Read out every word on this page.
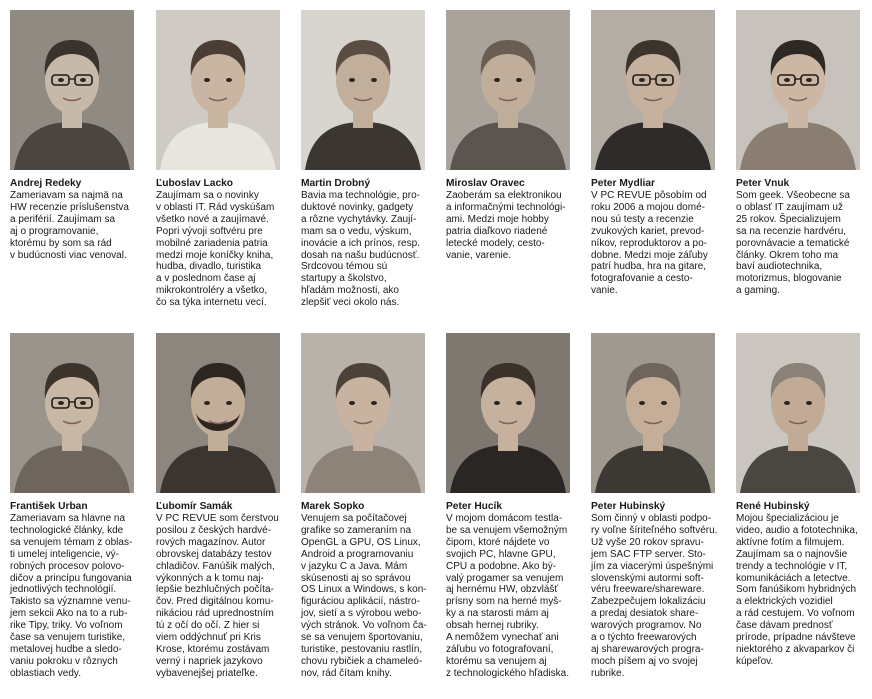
Andrej Redeky

Zameriavam sa najmä na
HW recenzie príslušenstva
a periférií. Zaujímam sa
aj o programovanie,
ktorému by som sa rád
v budúcnosti viac venoval.

Ľuboslav Lacko

Zaujímam sa o novinky
v oblasti IT. Rád vyskúšam
všetko nové a zaujímavé.
Popri vývoji softvéru pre
mobilné zariadenia patria
medzi moje koníčky kniha,
hudba, divadlo, turistika
a v poslednom čase aj
mikrokontroléry a všetko,
čo sa týka internetu vecí.

Martin Drobný

Bavia ma technológie, pro-
duktové novinky, gadgety
a rôzne vychytávky. Zaují-
mam sa o vedu, výskum,
inovácie a ich prínos, resp.
dosah na našu budúcnosť.
Srdcovou témou sú
startupy a školstvo,
hľadám možnosti, ako
zlepšiť veci okolo nás.

Miroslav Oravec

Zaoberám sa elektronikou
a informačnými technológi-
ami. Medzi moje hobby
patria diaľkovo riadené
letecké modely, cesto-
vanie, varenie.

Peter Mydliar

V PC REVUE pôsobím od
roku 2006 a mojou domé-
nou sú testy a recenzie
zvukových kariet, prevod-
níkov, reproduktorov a po-
dobne. Medzi moje záľuby
patrí hudba, hra na gitare,
fotografovanie a cesto-
vanie.

Peter Vnuk

Som geek. Všeobecne sa
o oblasť IT zaujímam už
25 rokov. Špecializujem
sa na recenzie hardvéru,
porovnávacie a tematické
články. Okrem toho ma
baví audiotechnika,
motorizmus, blogovanie
a gaming.

František Urban

Zameriavam sa hlavne na
technologické články, kde
sa venujem témam z oblas-
ti umelej inteligencie, vý-
robných procesov polovo-
dičov a princípu fungovania
jednotlivých technológií.
Takisto sa významne venu-
jem sekcii Ako na to a rub-
rike Tipy, triky. Vo voľnom
čase sa venujem turistike,
metalovej hudbe a sledo-
vaniu pokroku v rôznych
oblastiach vedy.

Ľubomír Samák

V PC REVUE som čerstvou
posilou z českých hardvé-
rových magazínov. Autor
obrovskej databázy testov
chladičov. Fanúšik malých,
výkonných a k tomu naj-
lepšie bezhlučných počíta-
čov. Pred digitálnou komu-
nikáciou rád uprednostním
tú z očí do očí. Z hier si
viem oddýchnuť pri Kris
Krose, ktorému zostávam
verný i napriek jazykovo
vybavenejšej priateľke.

Marek Sopko

Venujem sa počítačovej
grafike so zameraním na
OpenGL a GPU, OS Linux,
Android a programovaniu
v jazyku C a Java. Mám
skúsenosti aj so správou
OS Linux a Windows, s kon-
figuráciou aplikácií, nástro-
jov, sietí a s výrobou webo-
vých stránok. Vo voľnom ča-
se sa venujem športovaniu,
turistike, pestovaniu rastlín,
chovu rybičiek a chameleó-
nov, rád čítam knihy.

Peter Hucík

V mojom domácom testla-
be sa venujem všemožným
čipom, ktoré nájdete vo
svojich PC, hlavne GPU,
CPU a podobne. Ako bý-
valý progamer sa venujem
aj hernému HW, obzvlášť
prísny som na herné myš-
ky a na starosti mám aj
obsah hernej rubriky.
A nemôžem vynechať ani
záľubu vo fotografovaní,
ktorému sa venujem aj
z technologického hľadiska.

Peter Hubinský

Som činný v oblasti podpo-
ry voľne šíriteľného softvéru.
Už vyše 20 rokov spravu-
jem SAC FTP server. Sto-
jím za viacerými úspešnými
slovenskými autormi soft-
véru freeware/shareware.
Zabezpečujem lokalizáciu
a predaj desiatok share-
warových programov. No
a o týchto freewarových
aj sharewarových progra-
moch píšem aj vo svojej
rubrike.

René Hubinský

Mojou špecializáciou je
video, audio a fototechnika,
aktívne fotím a filmujem.
Zaujímam sa o najnovšie
trendy a technológie v IT,
komunikáciách a letectve.
Som fanúšikom hybridných
a elektrických vozidiel
a rád cestujem. Vo voľnom
čase dávam prednosť
prírode, prípadne návšteve
niektorého z akvaparkov či
kúpeľov.
